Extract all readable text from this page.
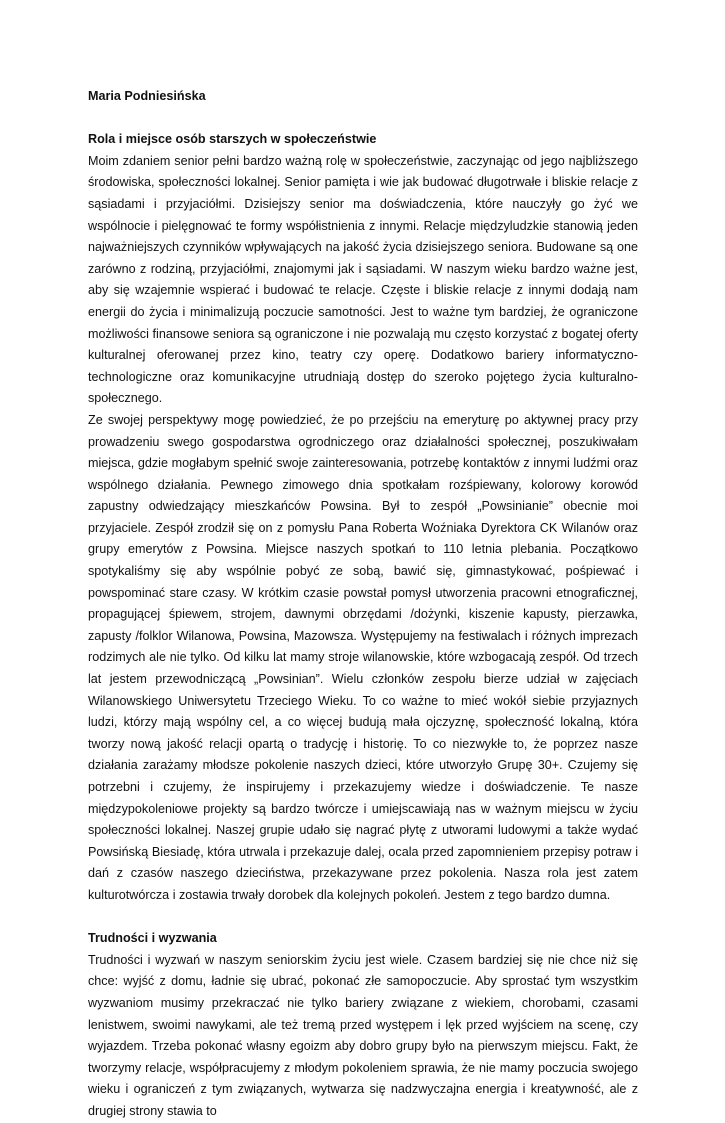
Maria Podniesińska

Rola i miejsce osób starszych w społeczeństwie

Moim zdaniem senior pełni bardzo ważną rolę w społeczeństwie, zaczynając od jego najbliższego środowiska, społeczności lokalnej. Senior pamięta i wie jak budować długotrwałe i bliskie relacje z sąsiadami i przyjaciółmi. Dzisiejszy senior ma doświadczenia, które nauczyły go żyć we wspólnocie i pielęgnować te formy współistnienia z innymi. Relacje międzyludzkie stanowią jeden najważniejszych czynników wpływających na jakość życia dzisiejszego seniora. Budowane są one zarówno z rodziną, przyjaciółmi, znajomymi jak i sąsiadami. W naszym wieku bardzo ważne jest, aby się wzajemnie wspierać i budować te relacje. Częste i bliskie relacje z innymi dodają nam energii do życia i minimalizują poczucie samotności. Jest to ważne tym bardziej, że ograniczone możliwości finansowe seniora są ograniczone i nie pozwalają mu często korzystać z bogatej oferty kulturalnej oferowanej przez kino, teatry czy operę. Dodatkowo bariery informatyczno-technologiczne oraz komunikacyjne utrudniają dostęp do szeroko pojętego życia kulturalno-społecznego.

Ze swojej perspektywy mogę powiedzieć, że po przejściu na emeryturę po aktywnej pracy przy prowadzeniu swego gospodarstwa ogrodniczego oraz działalności społecznej, poszukiwałam miejsca, gdzie mogłabym spełnić swoje zainteresowania, potrzebę kontaktów z innymi ludźmi oraz wspólnego działania. Pewnego zimowego dnia spotkałam rozśpiewany, kolorowy korowód zapustny odwiedzający mieszkańców Powsina. Był to zespół „Powsinianie” obecnie moi przyjaciele. Zespół zrodził się on z pomysłu Pana Roberta Woźniaka Dyrektora CK Wilanów oraz grupy emerytów z Powsina. Miejsce naszych spotkań to 110 letnia plebania. Początkowo spotykaliśmy się aby wspólnie pobyć ze sobą, bawić się, gimnastykować, pośpiewać i powspominać stare czasy. W krótkim czasie powstał pomysł utworzenia pracowni etnograficznej, propagującej śpiewem, strojem, dawnymi obrzędami /dożynki, kiszenie kapusty, pierzawka, zapusty /folklor Wilanowa, Powsina, Mazowsza. Występujemy na festiwalach i różnych imprezach rodzimych ale nie tylko. Od kilku lat mamy stroje wilanowskie, które wzbogacają zespół. Od trzech lat jestem przewodniczącą „Powsinian”. Wielu członków zespołu bierze udział w zajęciach Wilanowskiego Uniwersytetu Trzeciego Wieku. To co ważne to mieć wokół siebie przyjaznych ludzi, którzy mają wspólny cel, a co więcej budują mała ojczyznę, społeczność lokalną, która tworzy nową jakość relacji opartą o tradycję i historię. To co niezwykłe to, że poprzez nasze działania zarażamy młodsze pokolenie naszych dzieci, które utworzyło Grupę 30+. Czujemy się potrzebni i czujemy, że inspirujemy i przekazujemy wiedze i doświadczenie. Te nasze międzypokoleniowe projekty są bardzo twórcze i umiejscawiają nas w ważnym miejscu w życiu społeczności lokalnej. Naszej grupie udało się nagrać płytę z utworami ludowymi a także wydać Powsińską Biesiadę, która utrwala i przekazuje dalej, ocala przed zapomnieniem przepisy potraw i dań z czasów naszego dzieciństwa, przekazywane przez pokolenia. Nasza rola jest zatem kulturotwórcza i zostawia trwały dorobek dla kolejnych pokoleń. Jestem z tego bardzo dumna.

Trudności i wyzwania

Trudności i wyzwań w naszym seniorskim życiu jest wiele. Czasem bardziej się nie chce niż się chce: wyjść z domu, ładnie się ubrać, pokonać złe samopoczucie. Aby sprostać tym wszystkim wyzwaniom musimy przekraczać nie tylko bariery związane z wiekiem, chorobami, czasami lenistwem, swoimi nawykami, ale też tremą przed występem i lęk przed wyjściem na scenę, czy wyjazdem. Trzeba pokonać własny egoizm aby dobro grupy było na pierwszym miejscu. Fakt, że tworzymy relacje, współpracujemy z młodym pokoleniem sprawia, że nie mamy poczucia swojego wieku i ograniczeń z tym związanych, wytwarza się nadzwyczajna energia i kreatywność, ale z drugiej strony stawia to
